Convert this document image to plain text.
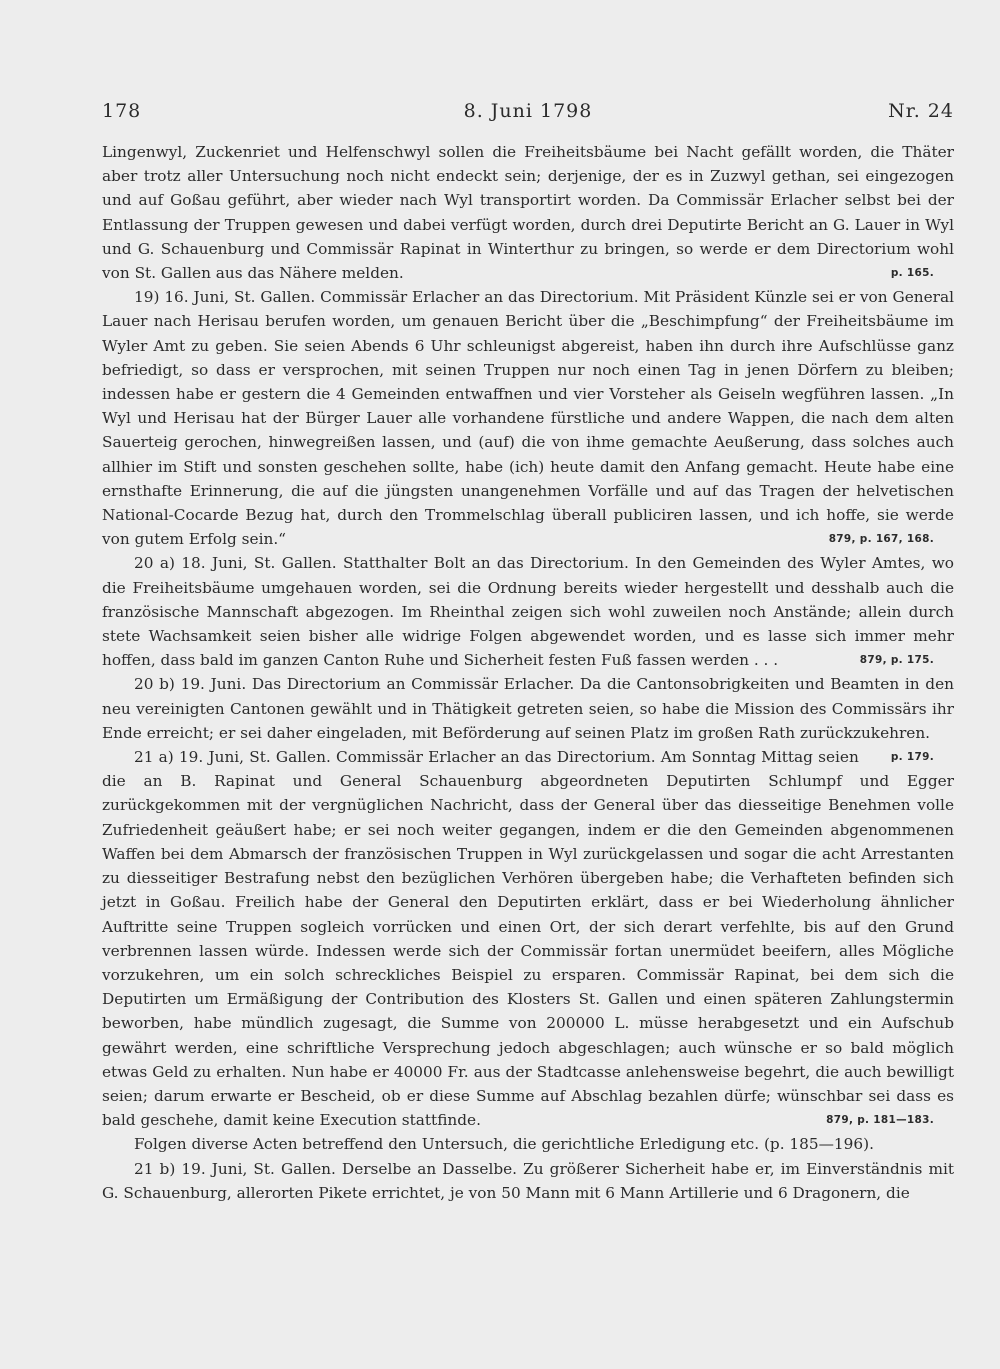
178	8. Juni 1798	Nr. 24

Lingenwyl, Zuckenriet und Helfenschwyl sollen die Freiheitsbäume bei Nacht gefällt worden, die Thäter aber trotz aller Untersuchung noch nicht endeckt sein; derjenige, der es in Zuzwyl gethan, sei eingezogen und auf Goßau geführt, aber wieder nach Wyl transportirt worden. Da Commissär Erlacher selbst bei der Entlassung der Truppen gewesen und dabei verfügt worden, durch drei Deputirte Bericht an G. Lauer in Wyl und G. Schauenburg und Commissär Rapinat in Winterthur zu bringen, so werde er dem Directorium wohl von St. Gallen aus das Nähere melden.	p. 165.

19) 16. Juni, St. Gallen. Commissär Erlacher an das Directorium. Mit Präsident Künzle sei er von General Lauer nach Herisau berufen worden, um genauen Bericht über die „Beschimpfung“ der Freiheitsbäume im Wyler Amt zu geben. Sie seien Abends 6 Uhr schleunigst abgereist, haben ihn durch ihre Aufschlüsse ganz befriedigt, so dass er versprochen, mit seinen Truppen nur noch einen Tag in jenen Dörfern zu bleiben; indessen habe er gestern die 4 Gemeinden entwaffnen und vier Vorsteher als Geiseln wegführen lassen. „In Wyl und Herisau hat der Bürger Lauer alle vorhandene fürstliche und andere Wappen, die nach dem alten Sauerteig gerochen, hinwegreißen lassen, und (auf) die von ihme gemachte Aeußerung, dass solches auch allhier im Stift und sonsten geschehen sollte, habe (ich) heute damit den Anfang gemacht. Heute habe eine ernsthafte Erinnerung, die auf die jüngsten unangenehmen Vorfälle und auf das Tragen der helvetischen National-Cocarde Bezug hat, durch den Trommelschlag überall publiciren lassen, und ich hoffe, sie werde von gutem Erfolg sein.“	879, p. 167, 168.

20 a) 18. Juni, St. Gallen. Statthalter Bolt an das Directorium. In den Gemeinden des Wyler Amtes, wo die Freiheitsbäume umgehauen worden, sei die Ordnung bereits wieder hergestellt und desshalb auch die französische Mannschaft abgezogen. Im Rheinthal zeigen sich wohl zuweilen noch Anstände; allein durch stete Wachsamkeit seien bisher alle widrige Folgen abgewendet worden, und es lasse sich immer mehr hoffen, dass bald im ganzen Canton Ruhe und Sicherheit festen Fuß fassen werden . . .	879, p. 175.

20 b) 19. Juni. Das Directorium an Commissär Erlacher. Da die Cantonsobrigkeiten und Beamten in den neu vereinigten Cantonen gewählt und in Thätigkeit getreten seien, so habe die Mission des Commissärs ihr Ende erreicht; er sei daher eingeladen, mit Beförderung auf seinen Platz im großen Rath zurückzukehren.
p. 179.

21 a) 19. Juni, St. Gallen. Commissär Erlacher an das Directorium. Am Sonntag Mittag seien die an B. Rapinat und General Schauenburg abgeordneten Deputirten Schlumpf und Egger zurückgekommen mit der vergnüglichen Nachricht, dass der General über das diesseitige Benehmen volle Zufriedenheit geäußert habe; er sei noch weiter gegangen, indem er die den Gemeinden abgenommenen Waffen bei dem Abmarsch der französischen Truppen in Wyl zurückgelassen und sogar die acht Arrestanten zu diesseitiger Bestrafung nebst den bezüglichen Verhören übergeben habe; die Verhafteten befinden sich jetzt in Goßau. Freilich habe der General den Deputirten erklärt, dass er bei Wiederholung ähnlicher Auftritte seine Truppen sogleich vorrücken und einen Ort, der sich derart verfehlte, bis auf den Grund verbrennen lassen würde. Indessen werde sich der Commissär fortan unermüdet beeifern, alles Mögliche vorzukehren, um ein solch schreckliches Beispiel zu ersparen. Commissär Rapinat, bei dem sich die Deputirten um Ermäßigung der Contribution des Klosters St. Gallen und einen späteren Zahlungstermin beworben, habe mündlich zugesagt, die Summe von 200000 L. müsse herabgesetzt und ein Aufschub gewährt werden, eine schriftliche Versprechung jedoch abgeschlagen; auch wünsche er so bald möglich etwas Geld zu erhalten. Nun habe er 40000 Fr. aus der Stadtcasse anlehensweise begehrt, die auch bewilligt seien; darum erwarte er Bescheid, ob er diese Summe auf Abschlag bezahlen dürfe; wünschbar sei dass es bald geschehe, damit keine Execution stattfinde.	879, p. 181—183.

Folgen diverse Acten betreffend den Untersuch, die gerichtliche Erledigung etc. (p. 185—196).

21 b) 19. Juni, St. Gallen. Derselbe an Dasselbe. Zu größerer Sicherheit habe er, im Einverständnis mit G. Schauenburg, allerorten Pikete errichtet, je von 50 Mann mit 6 Mann Artillerie und 6 Dragonern, die
